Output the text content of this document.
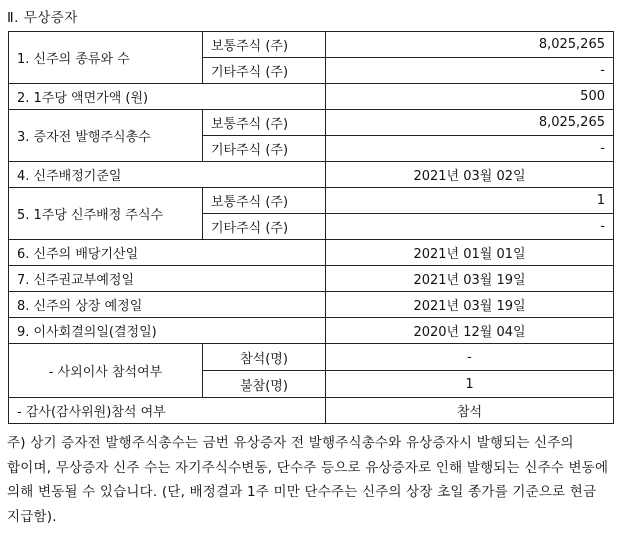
Ⅱ. 무상증자
1. 신주의 종류와 수	보통주식 (주)	8,025,265
	기타주식 (주)	-
2. 1주당 액면가액 (원)		500
3. 증자전 발행주식총수	보통주식 (주)	8,025,265
	기타주식 (주)	-
4. 신주배정기준일		2021년 03월 02일
5. 1주당 신주배정 주식수	보통주식 (주)	1
	기타주식 (주)	-
6. 신주의 배당기산일		2021년 01월 01일
7. 신주권교부예정일		2021년 03월 19일
8. 신주의 상장 예정일		2021년 03월 19일
9. 이사회결의일(결정일)		2020년 12월 04일
- 사외이사 참석여부	참석(명)	-
	불참(명)	1
- 감사(감사위원)참석 여부		참석
주) 상기 증자전 발행주식총수는 금번 유상증자 전 발행주식총수와 유상증자시 발행되는 신주의 합이며, 무상증자 신주 수는 자기주식수변동, 단수주 등으로 유상증자로 인해 발행되는 신주수 변동에 의해 변동될 수 있습니다. (단, 배정결과 1주 미만 단수주는 신주의 상장 초일 종가를 기준으로 현금 지급함).
